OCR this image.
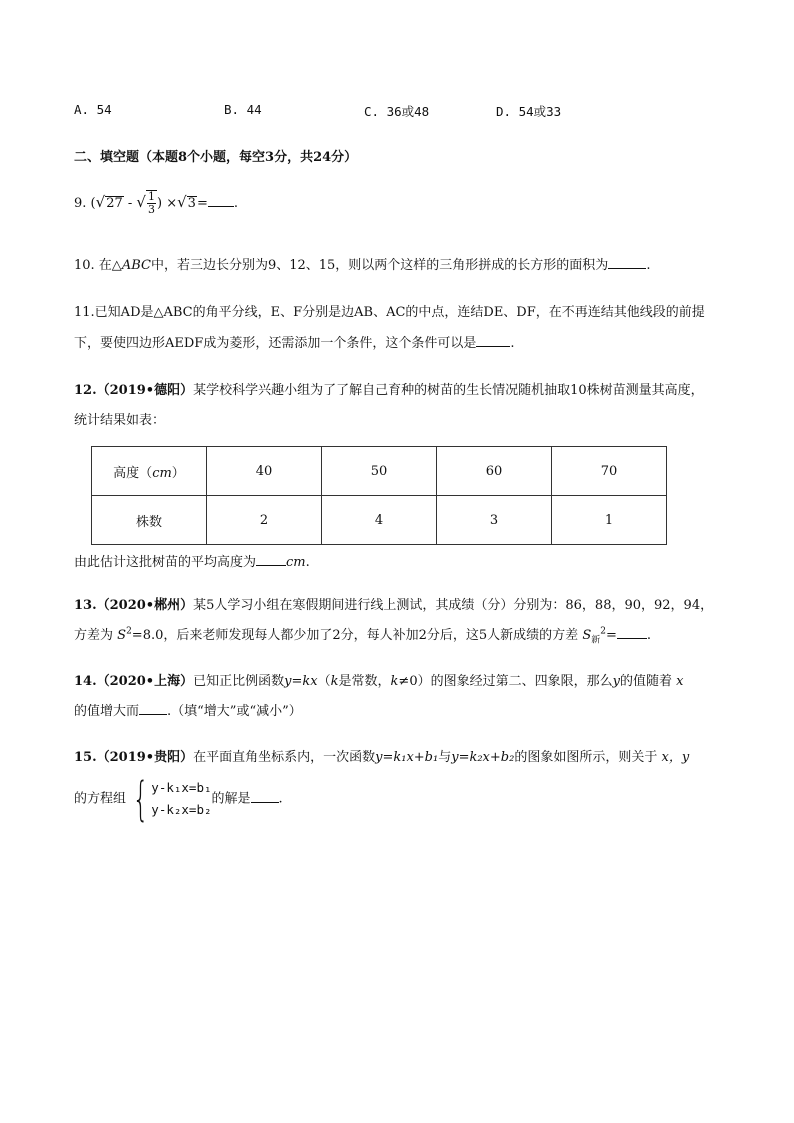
A. 54	B. 44	C. 36或48	D. 54或33
二、填空题（本题8个小题，每空3分，共24分）
9. (√27 - √ $\frac{1}{3}$ ) ×√3= .
10. 在△ABC中，若三边长分别为9、12、15，则以两个这样的三角形拼成的长方形的面积为	.
11.已知AD是△ABC的角平分线，E、F分别是边AB、AC的中点，连结DE、DF，在不再连结其他线段的前提
下，要使四边形AEDF成为菱形，还需添加一个条件，这个条件可以是	.
12.（2019•德阳）某学校科学兴趣小组为了了解自己育种的树苗的生长情况随机抽取10株树苗测量其高度，
统计结果如表：
高度（cm）	40	50	60	70
株数	2	4	3	1
由此估计这批树苗的平均高度为 cm.
13.（2020•郴州）某5人学习小组在寒假期间进行线上测试，其成绩（分）分别为：86，88，90，92，94，
方差为 $S^2=8.0$，后来老师发现每人都少加了2分，每人补加2分后，这5人新成绩的方差 $S_新^2=$ .
14.（2020•上海）已知正比例函数y=kx（k是常数，k≠0）的图象经过第二、四象限，那么y的值随着 x
的值增大而 .（填“增大”或“减小”）
15.（2019•贵阳）在平面直角坐标系内，一次函数y=k₁x+b₁与y=k₂x+b₂的图象如图所示，则关于 x，y
的方程组 { y-k₁x=b₁
y-k₂x=b₂
的解是 .
